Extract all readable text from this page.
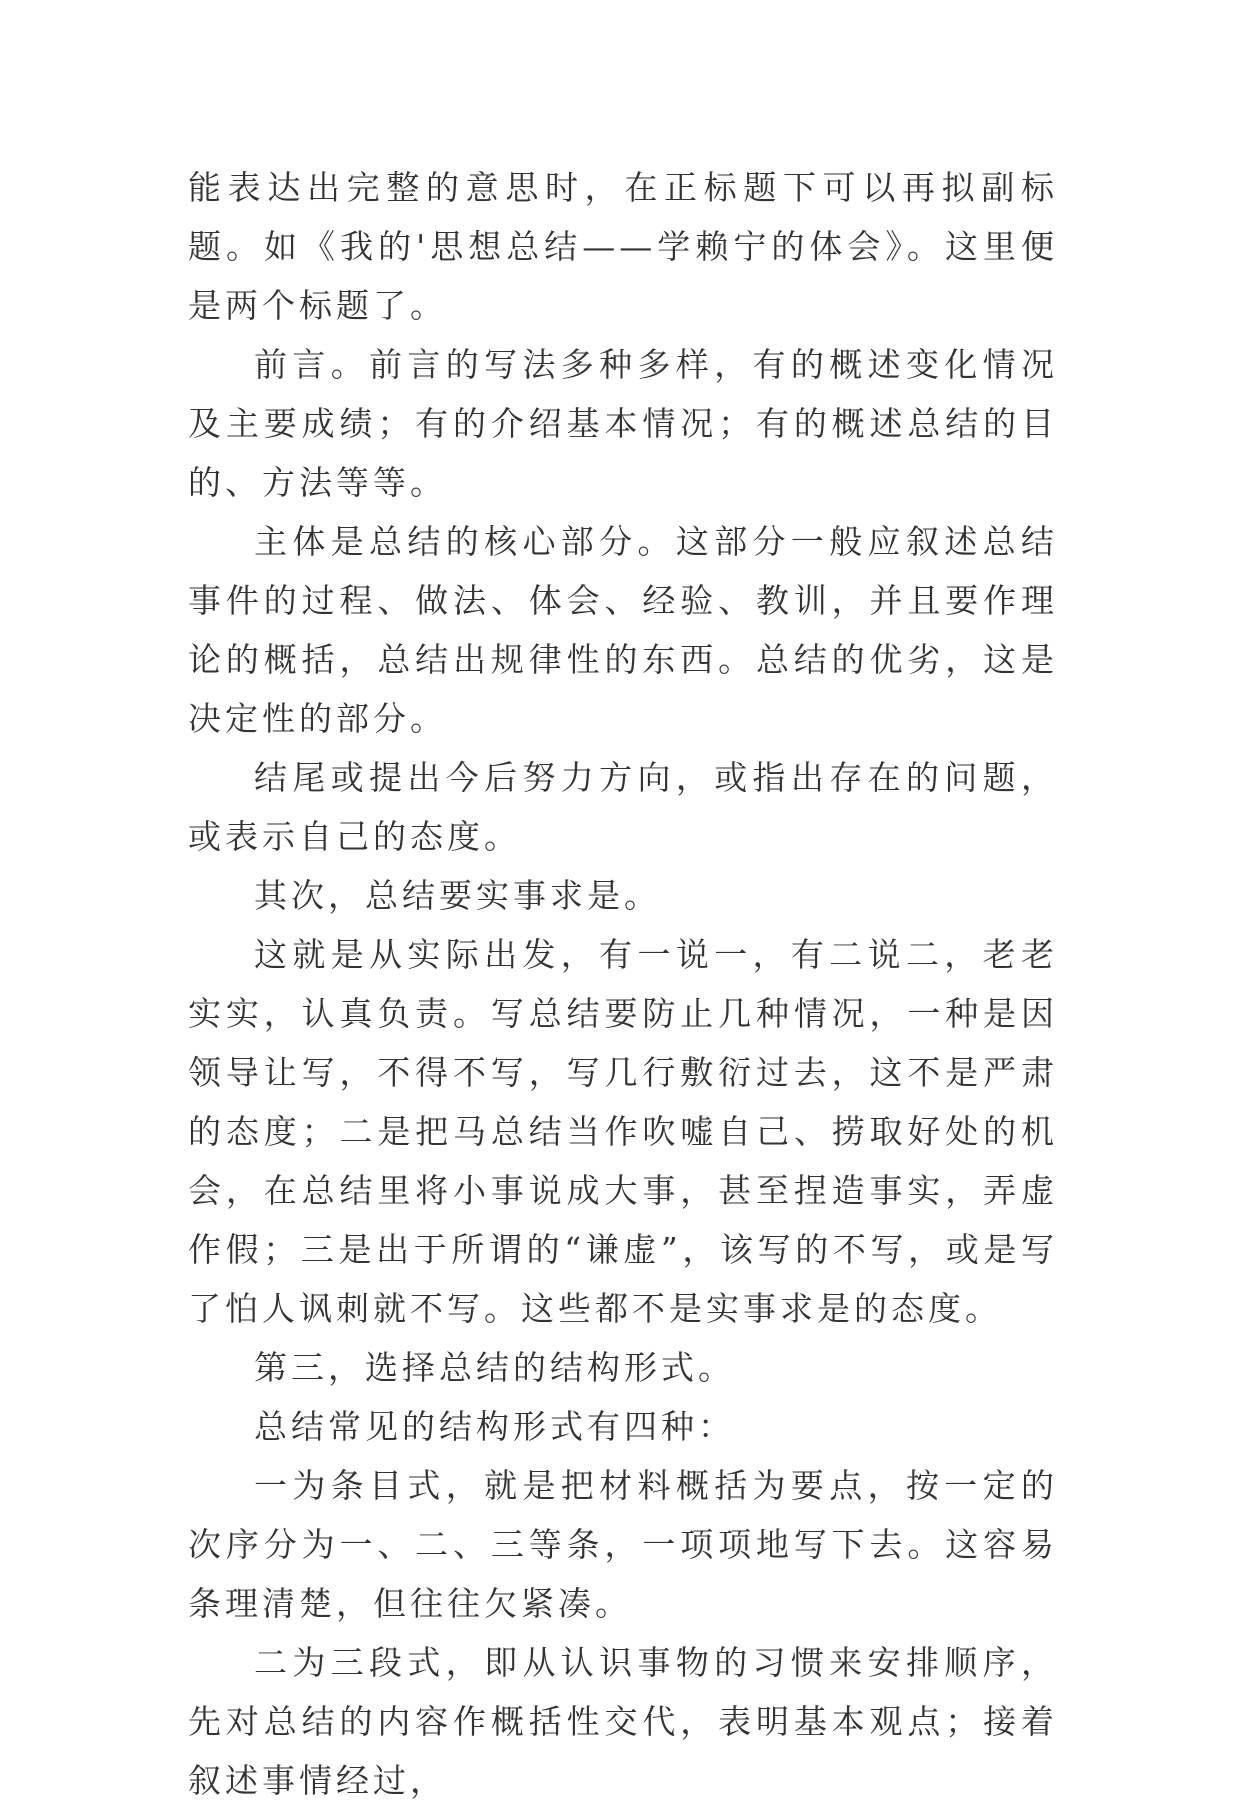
能表达出完整的意思时，在正标题下可以再拟副标题。如《我的'思想总结——学赖宁的体会》。这里便是两个标题了。

前言。前言的写法多种多样，有的概述变化情况及主要成绩；有的介绍基本情况；有的概述总结的目的、方法等等。

主体是总结的核心部分。这部分一般应叙述总结事件的过程、做法、体会、经验、教训，并且要作理论的概括，总结出规律性的东西。总结的优劣，这是决定性的部分。

结尾或提出今后努力方向，或指出存在的问题，或表示自己的态度。

其次，总结要实事求是。

这就是从实际出发，有一说一，有二说二，老老实实，认真负责。写总结要防止几种情况，一种是因领导让写，不得不写，写几行敷衍过去，这不是严肃的态度；二是把马总结当作吹嘘自己、捞取好处的机会，在总结里将小事说成大事，甚至捏造事实，弄虚作假；三是出于所谓的“谦虚”，该写的不写，或是写了怕人讽刺就不写。这些都不是实事求是的态度。

第三，选择总结的结构形式。

总结常见的结构形式有四种：

一为条目式，就是把材料概括为要点，按一定的次序分为一、二、三等条，一项项地写下去。这容易条理清楚，但往往欠紧凑。

二为三段式，即从认识事物的习惯来安排顺序，先对总结的内容作概括性交代，表明基本观点；接着叙述事情经过，
